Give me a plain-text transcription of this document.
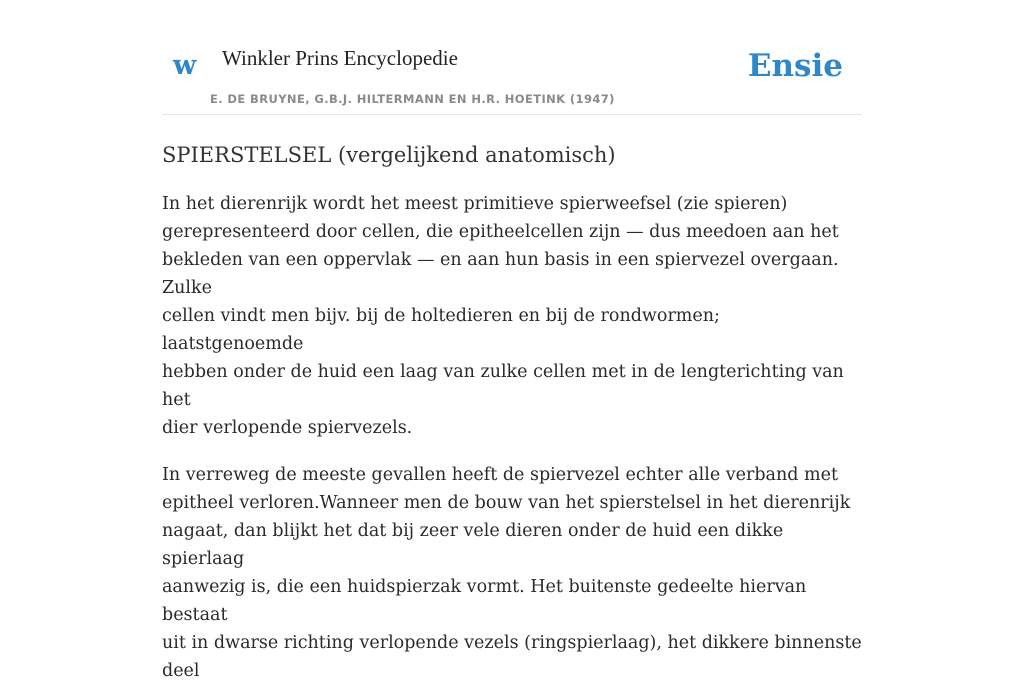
w Winkler Prins Encyclopedie
E. DE BRUYNE, G.B.J. HILTERMANN EN H.R. HOETINK (1947)
Ensie
SPIERSTELSEL (vergelijkend anatomisch)

In het dierenrijk wordt het meest primitieve spierweefsel (zie spieren)
gerepresenteerd door cellen, die epitheelcellen zijn — dus meedoen aan het
bekleden van een oppervlak — en aan hun basis in een spiervezel overgaan. Zulke
cellen vindt men bijv. bij de holtedieren en bij de rondwormen; laatstgenoemde
hebben onder de huid een laag van zulke cellen met in de lengterichting van het
dier verlopende spiervezels.

In verreweg de meeste gevallen heeft de spiervezel echter alle verband met
epitheel verloren.Wanneer men de bouw van het spierstelsel in het dierenrijk
nagaat, dan blijkt het dat bij zeer vele dieren onder de huid een dikke spierlaag
aanwezig is, die een huidspierzak vormt. Het buitenste gedeelte hiervan bestaat
uit in dwarse richting verlopende vezels (ringspierlaag), het dikkere binnenste deel
